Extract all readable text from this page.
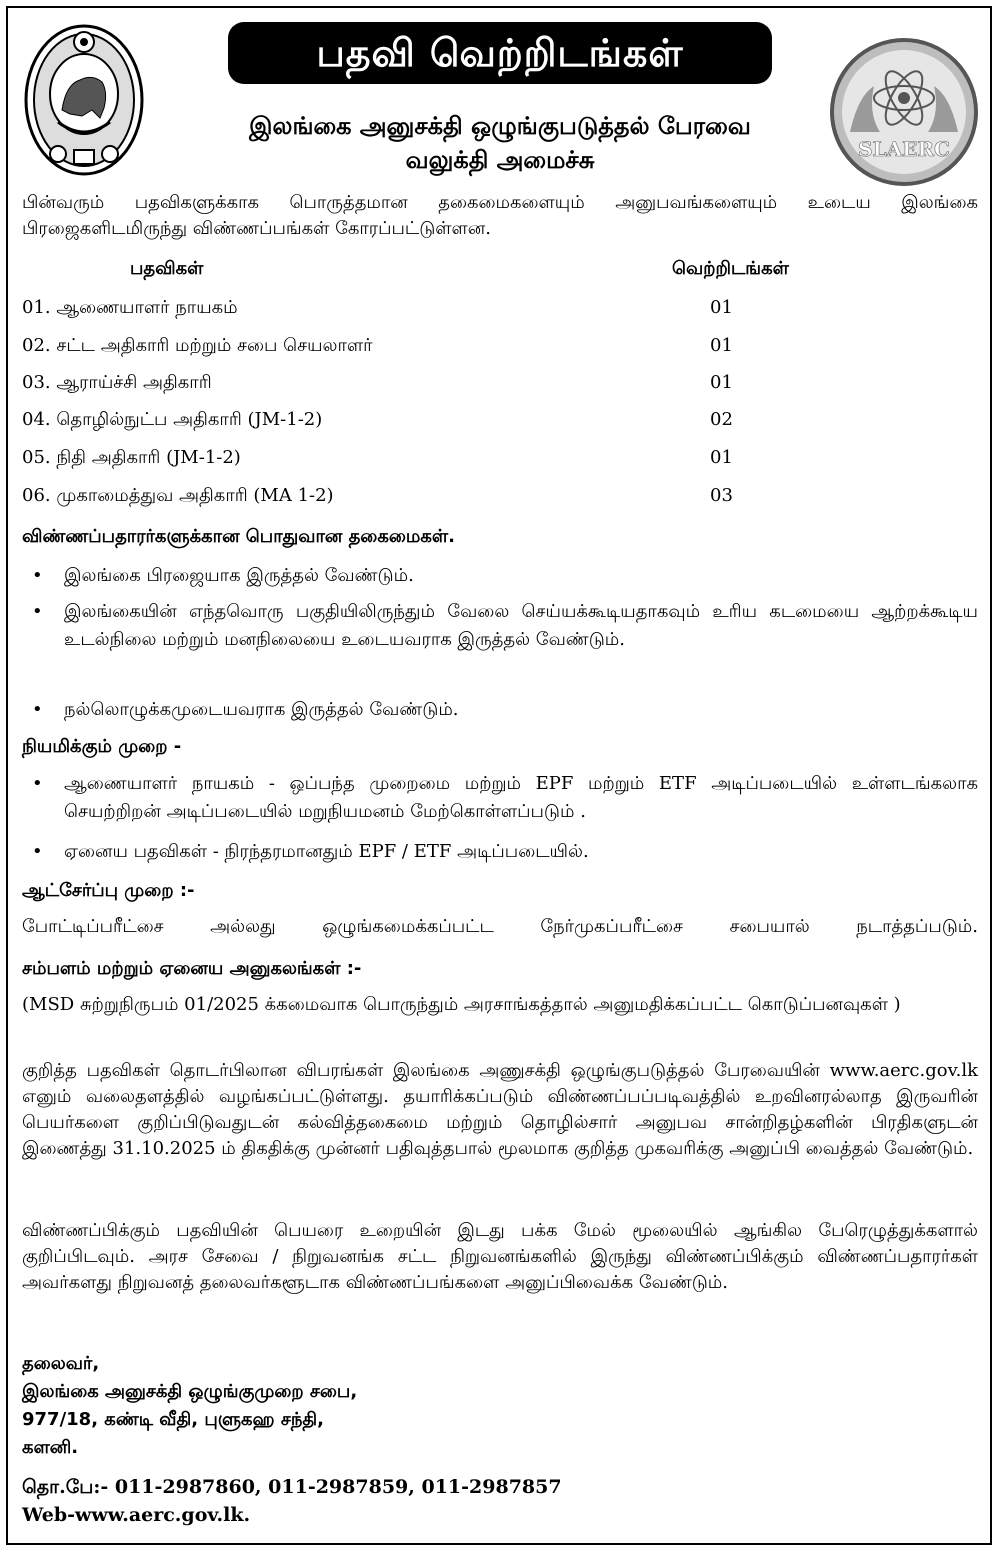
SLAERC
பதவி வெற்றிடங்கள்
இலங்கை அனுசக்தி ஒழுங்குபடுத்தல் பேரவை
வலுக்தி அமைச்சு
பின்வரும் பதவிகளுக்காக பொருத்தமான தகைமைகளையும் அனுபவங்களையும் உடைய இலங்கை பிரஜைகளிடமிருந்து விண்ணப்பங்கள் கோரப்பட்டுள்ளன.
பதவிகள்	வெற்றிடங்கள்
01. ஆணையாளர் நாயகம்	01
02. சட்ட அதிகாரி மற்றும் சபை செயலாளர்	01
03. ஆராய்ச்சி அதிகாரி	01
04. தொழில்நுட்ப அதிகாரி (JM-1-2)	02
05. நிதி அதிகாரி (JM-1-2)	01
06. முகாமைத்துவ அதிகாரி (MA 1-2)	03
விண்ணப்பதாரர்களுக்கான பொதுவான தகைமைகள்.
• இலங்கை பிரஜையாக இருத்தல் வேண்டும்.
• இலங்கையின் எந்தவொரு பகுதியிலிருந்தும் வேலை செய்யக்கூடியதாகவும் உரிய கடமையை ஆற்றக்கூடிய உடல்நிலை மற்றும் மனநிலையை உடையவராக இருத்தல் வேண்டும்.
• நல்லொழுக்கமுடையவராக இருத்தல் வேண்டும்.
நியமிக்கும் முறை -
• ஆணையாளர் நாயகம் - ஒப்பந்த முறைமை மற்றும் EPF மற்றும் ETF அடிப்படையில் உள்ளடங்கலாக செயற்றிறன் அடிப்படையில் மறுநியமனம் மேற்கொள்ளப்படும் .
• ஏனைய பதவிகள் - நிரந்தரமானதும் EPF / ETF அடிப்படையில்.
ஆட்சேர்ப்பு முறை :-
போட்டிப்பரீட்சை அல்லது ஒழுங்கமைக்கப்பட்ட நேர்முகப்பரீட்சை சபையால் நடாத்தப்படும்.
சம்பளம் மற்றும் ஏனைய அனுகலங்கள் :-
(MSD சுற்றுநிருபம் 01/2025 க்கமைவாக பொருந்தும் அரசாங்கத்தால் அனுமதிக்கப்பட்ட கொடுப்பனவுகள் )
குறித்த பதவிகள் தொடர்பிலான விபரங்கள் இலங்கை அணுசக்தி ஒழுங்குபடுத்தல் பேரவையின் www.aerc.gov.lk எனும் வலைதளத்தில் வழங்கப்பட்டுள்ளது. தயாரிக்கப்படும் விண்ணப்பப்படிவத்தில் உறவினரல்லாத இருவரின் பெயர்களை குறிப்பிடுவதுடன் கல்வித்தகைமை மற்றும் தொழில்சார் அனுபவ சான்றிதழ்களின் பிரதிகளுடன் இணைத்து 31.10.2025 ம் திகதிக்கு முன்னர் பதிவுத்தபால் மூலமாக குறித்த முகவரிக்கு அனுப்பி வைத்தல் வேண்டும்.
விண்ணப்பிக்கும் பதவியின் பெயரை உறையின் இடது பக்க மேல் மூலையில் ஆங்கில பேரெழுத்துக்களால் குறிப்பிடவும். அரச சேவை / நிறுவனங்க சட்ட நிறுவனங்களில் இருந்து விண்ணப்பிக்கும் விண்ணப்பதாரர்கள் அவர்களது நிறுவனத் தலைவர்களூடாக விண்ணப்பங்களை அனுப்பிவைக்க வேண்டும்.
தலைவர்,
இலங்கை அனுசக்தி ஒழுங்குமுறை சபை,
977/18, கண்டி வீதி, புளுகஹ சந்தி,
களனி.
தொ.பே:- 011-2987860, 011-2987859, 011-2987857
Web-www.aerc.gov.lk.
